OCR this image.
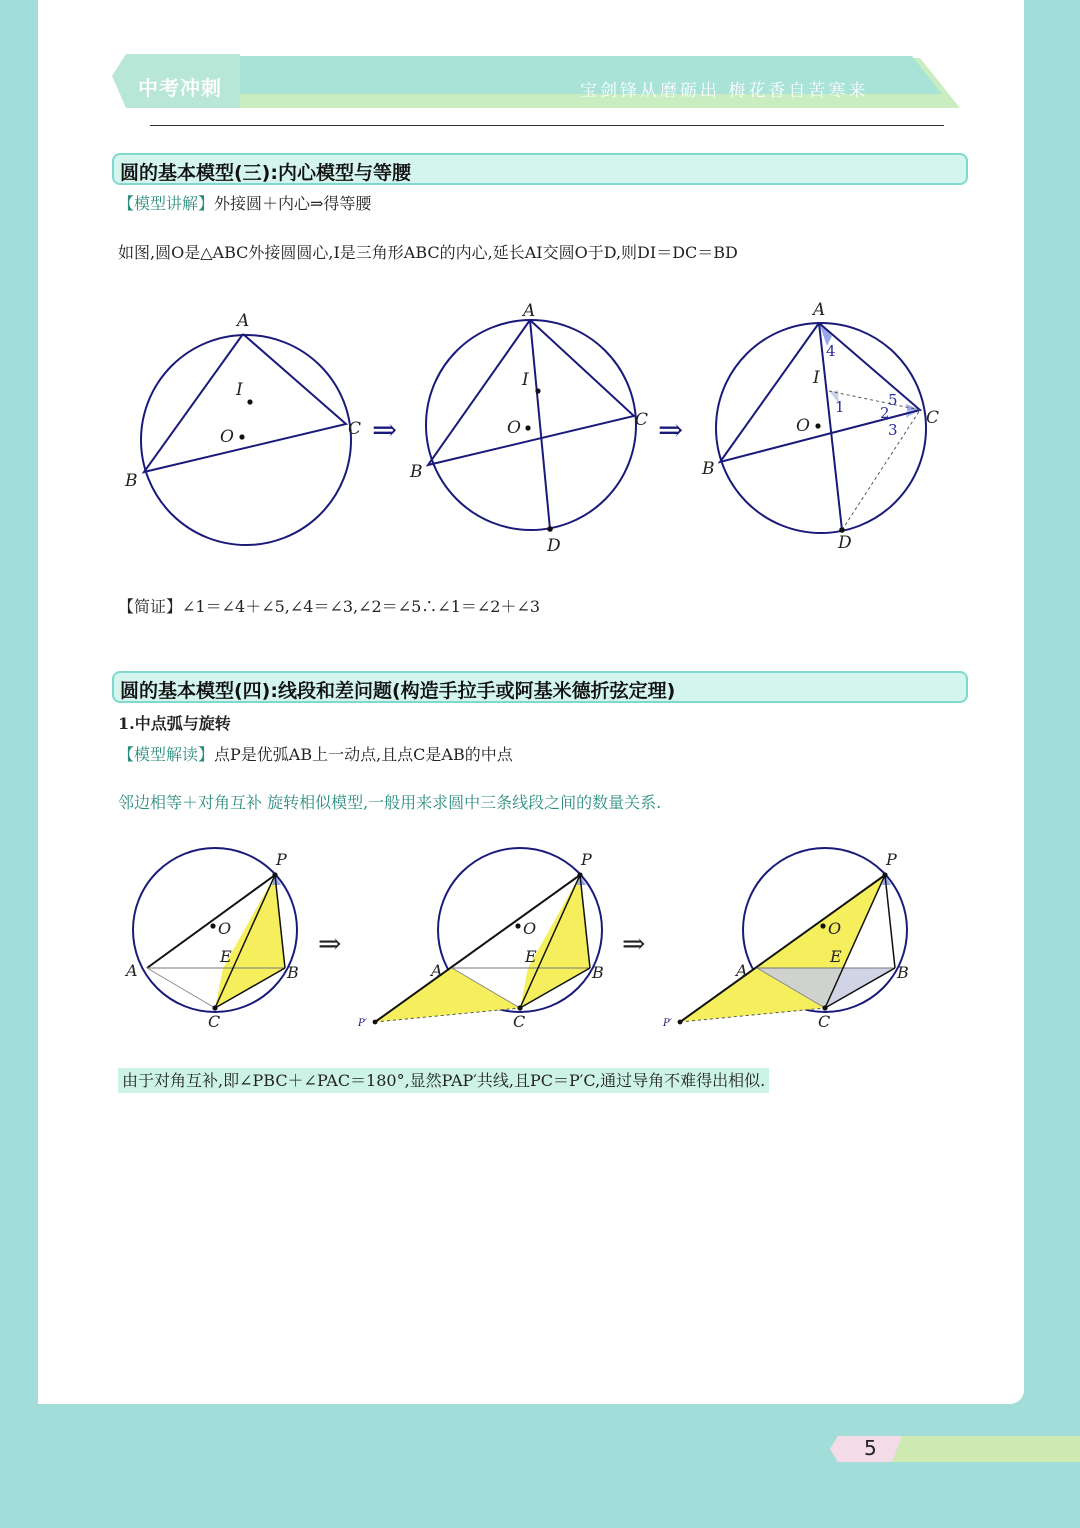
中考冲刺	宝剑锋从磨砺出 梅花香自苦寒来
圆的基本模型(三):内心模型与等腰
【模型讲解】外接圆＋内心⇒得等腰
如图,圆O是△ABC外接圆圆心,I是三角形ABC的内心,延长AI交圆O于D,则DI＝DC＝BD
A
B
C
I
O	⇒
A
B
C
I
O
D
⇒
A
B
C
I
O
D
4
1	5
2
3
【简证】∠1＝∠4＋∠5,∠4＝∠3,∠2＝∠5∴∠1＝∠2＋∠3
圆的基本模型(四):线段和差问题(构造手拉手或阿基米德折弦定理)
1.中点弧与旋转
【模型解读】点P是优弧AB上一动点,且点C是AB的中点
邻边相等＋对角互补 旋转相似模型,一般用来求圆中三条线段之间的数量关系.
P
O
A	B
C
E	⇒
P
O
A	B
C
E
P′
⇒
P
O
A	B
C
E
P′
由于对角互补,即∠PBC＋∠PAC＝180°,显然PAP′共线,且PC＝P′C,通过导角不难得出相似.
5
